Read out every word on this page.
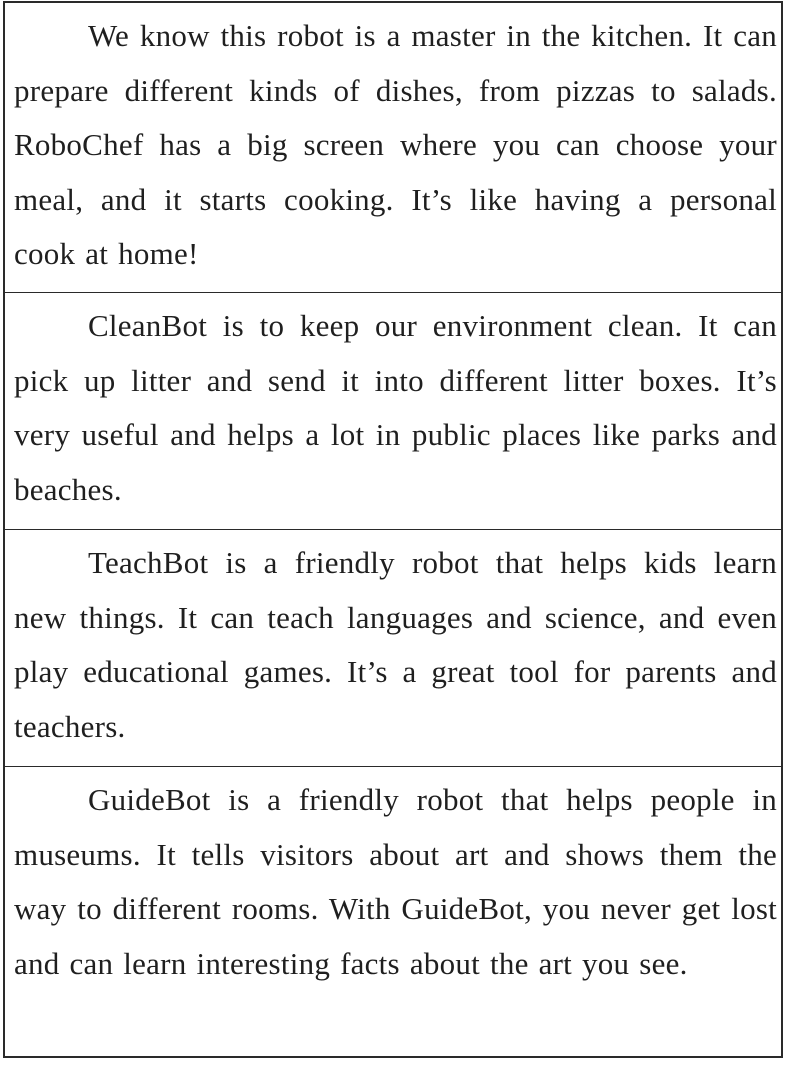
We know this robot is a master in the kitchen. It can prepare different kinds of dishes, from pizzas to salads. RoboChef has a big screen where you can choose your meal, and it starts cooking. It’s like having a personal cook at home!

CleanBot is to keep our environment clean. It can pick up litter and send it into different litter boxes. It’s very useful and helps a lot in public places like parks and beaches.

TeachBot is a friendly robot that helps kids learn new things. It can teach languages and science, and even play educational games. It’s a great tool for parents and teachers.

GuideBot is a friendly robot that helps people in museums. It tells visitors about art and shows them the way to different rooms. With GuideBot, you never get lost and can learn interesting facts about the art you see.
